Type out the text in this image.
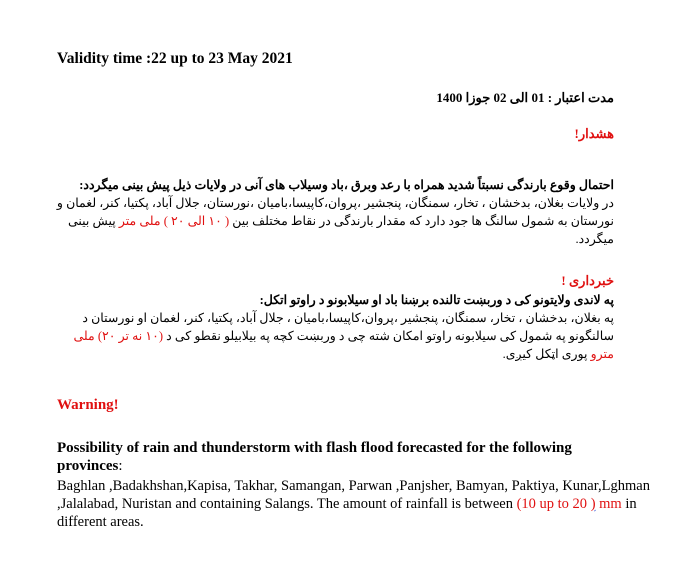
Validity time :22 up to 23 May 2021
مدت اعتبار : 01 الی 02 جوزا 1400
هشدار!
احتمال وقوع بارندگی نسبتاً شدید همراه با رعد وبرق ،باد وسیلاب های آنی در ولایات ذیل پیش بینی میگردد:
در ولایات بغلان، بدخشان ، تخار، سمنگان، پنجشیر ،پروان،کاپیسا،بامیان ،نورستان، جلال آباد، پکتیا، کنر، لغمان و نورستان به شمول سالنگ ها جود دارد که مقدار بارندگی در نقاط مختلف بین ( ۱۰ الی ۲۰ ) ملی متر پیش بینی میگردد.
خبرداری !
په لاندی ولایتونو کی د وربښت تالنده برښنا باد او سیلابونو د راوتو اتکل:
په بغلان، بدخشان ، تخار، سمنگان، پنجشیر ،پروان،کاپیسا،بامیان ، جلال آباد، پکتیا، کنر، لغمان او نورستان د سالنگونو په شمول کی سیلابونه راوتو امکان شته چی د وربښت کچه په بیلابیلو نقطو کی د (۱۰ نه تر ۲۰) ملی مترو پوری اټکل کیږی.
Warning!
Possibility of rain and thunderstorm with flash flood forecasted for the following provinces:
Baghlan ,Badakhshan,Kapisa, Takhar, Samangan, Parwan ,Panjsher, Bamyan, Paktiya, Kunar,Lghman ,Jalalabad, Nuristan and containing Salangs. The amount of rainfall is between (10 up to 20 ) mm in different areas.
